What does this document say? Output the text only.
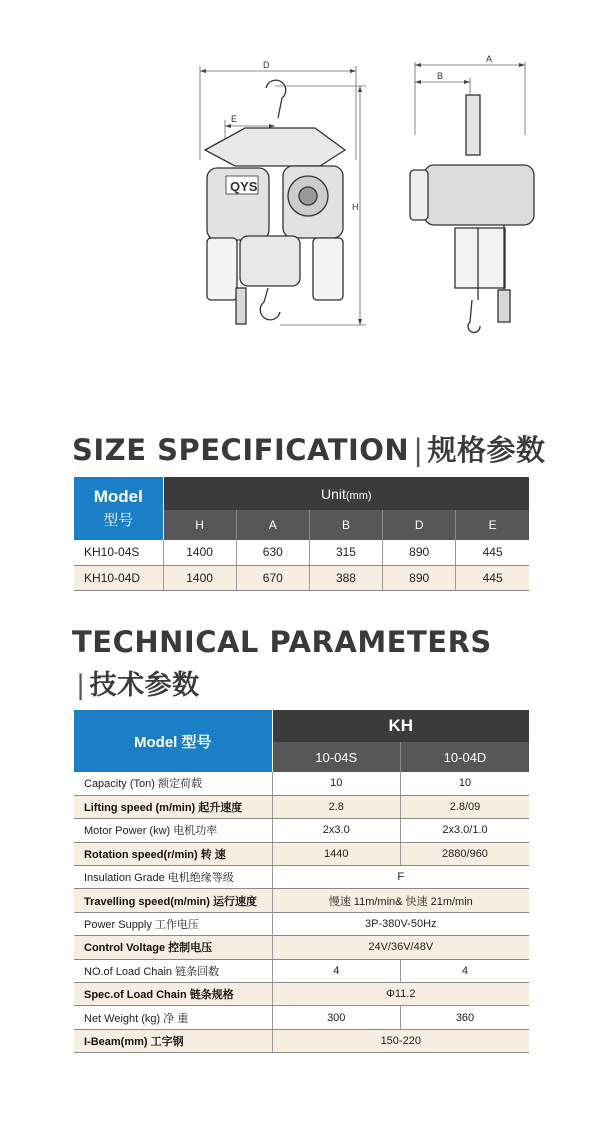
D
E
H
A
B
QYS
SIZE SPECIFICATION | 规格参数
Model
型号	Unit(mm)				
	H	A	B	D	E
KH10-04S	1400	630	315	890	445
KH10-04D	1400	670	388	890	445
TECHNICAL PARAMETERS
| 技术参数
Model 型号	KH	
	10-04S	10-04D
Capacity (Ton) 额定荷载	10	10
Lifting speed (m/min) 起升速度	2.8	2.8/09
Motor Power (kw) 电机功率	2x3.0	2x3.0/1.0
Rotation speed(r/min) 转 速	1440	2880/960
Insulation Grade 电机绝缘等级	F	
Travelling speed(m/min) 运行速度	慢速 11m/min& 快速 21m/min	
Power Supply 工作电压	3P-380V-50Hz	
Control Voltage 控制电压	24V/36V/48V	
NO.of Load Chain 链条回数	4	4
Spec.of Load Chain 链条规格	Φ11.2	
Net Weight (kg) 净 重	300	360
I-Beam(mm) 工字钢	150-220	
